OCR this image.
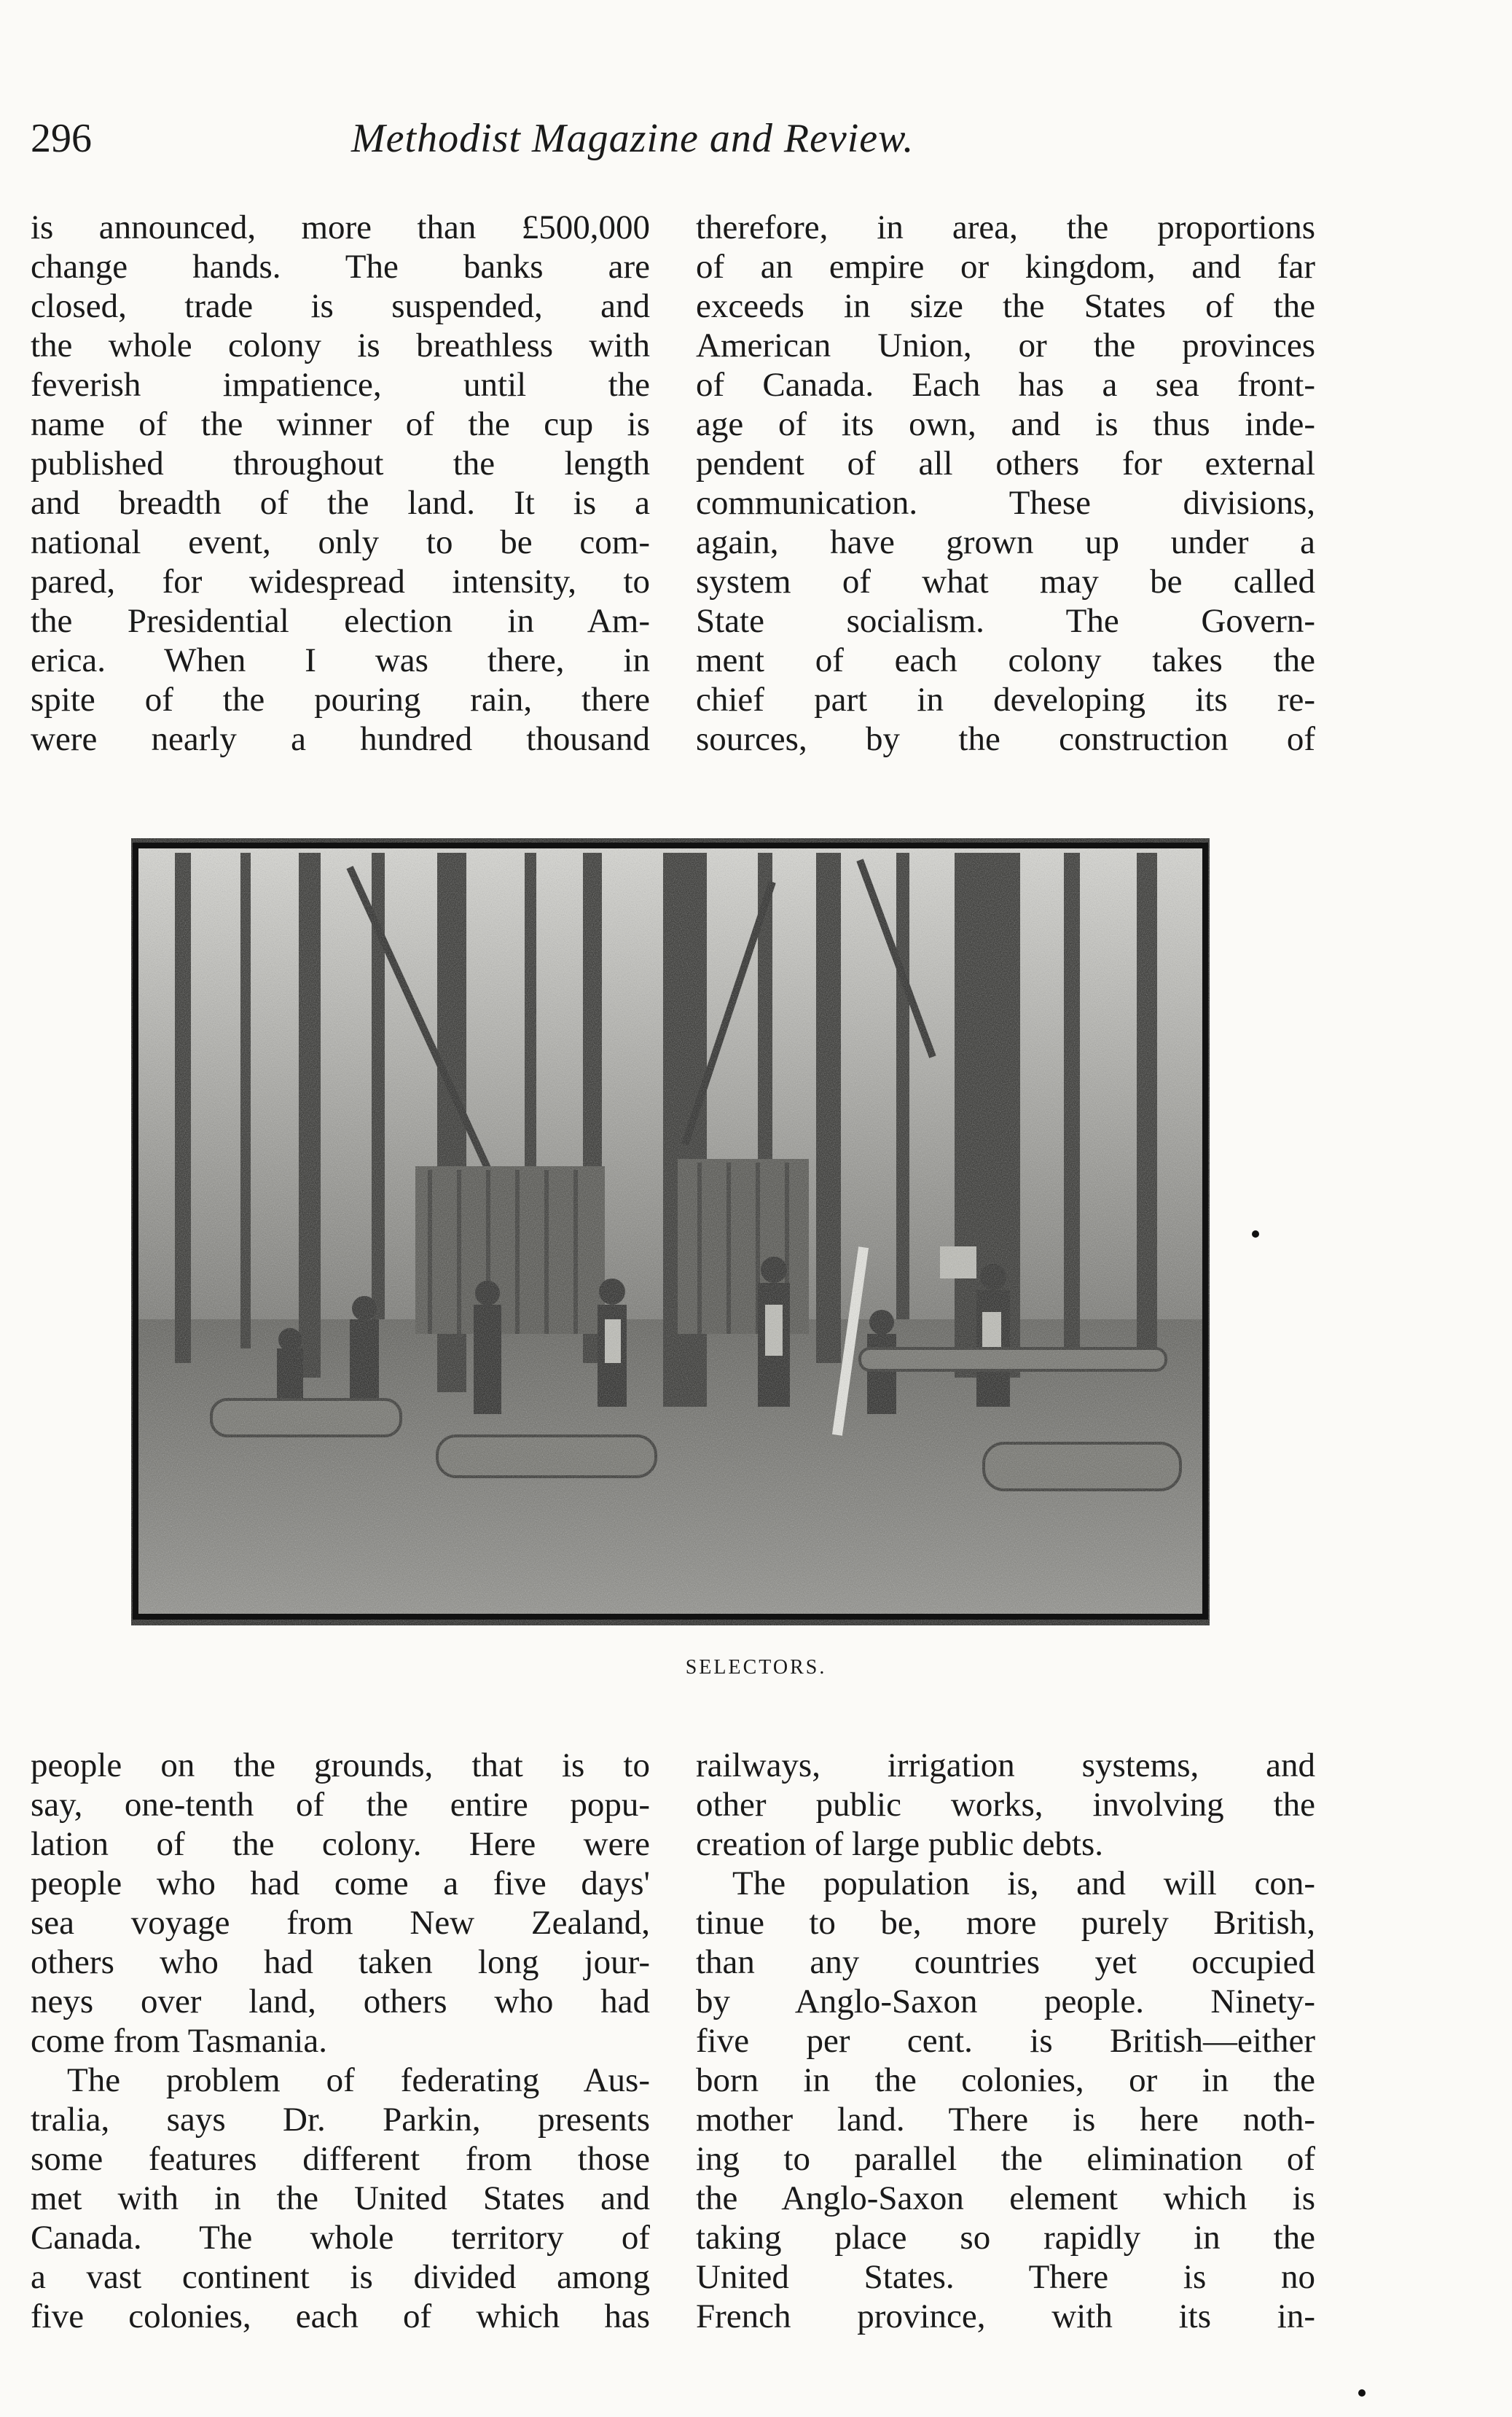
296	Methodist Magazine and Review.
is announced, more than £500,000
change hands. The banks are
closed, trade is suspended, and
the whole colony is breathless with
feverish impatience, until the
name of the winner of the cup is
published throughout the length
and breadth of the land. It is a
national event, only to be com-
pared, for widespread intensity, to
the Presidential election in Am-
erica. When I was there, in
spite of the pouring rain, there
were nearly a hundred thousand
therefore, in area, the proportions
of an empire or kingdom, and far
exceeds in size the States of the
American Union, or the provinces
of Canada. Each has a sea front-
age of its own, and is thus inde-
pendent of all others for external
communication. These divisions,
again, have grown up under a
system of what may be called
State socialism. The Govern-
ment of each colony takes the
chief part in developing its re-
sources, by the construction of
SELECTORS.
people on the grounds, that is to
say, one-tenth of the entire popu-
lation of the colony. Here were
people who had come a five days'
sea voyage from New Zealand,
others who had taken long jour-
neys over land, others who had
come from Tasmania.
The problem of federating Aus-
tralia, says Dr. Parkin, presents
some features different from those
met with in the United States and
Canada. The whole territory of
a vast continent is divided among
five colonies, each of which has
railways, irrigation systems, and
other public works, involving the
creation of large public debts.
The population is, and will con-
tinue to be, more purely British,
than any countries yet occupied
by Anglo-Saxon people. Ninety-
five per cent. is British—either
born in the colonies, or in the
mother land. There is here noth-
ing to parallel the elimination of
the Anglo-Saxon element which is
taking place so rapidly in the
United States. There is no
French province, with its in-
